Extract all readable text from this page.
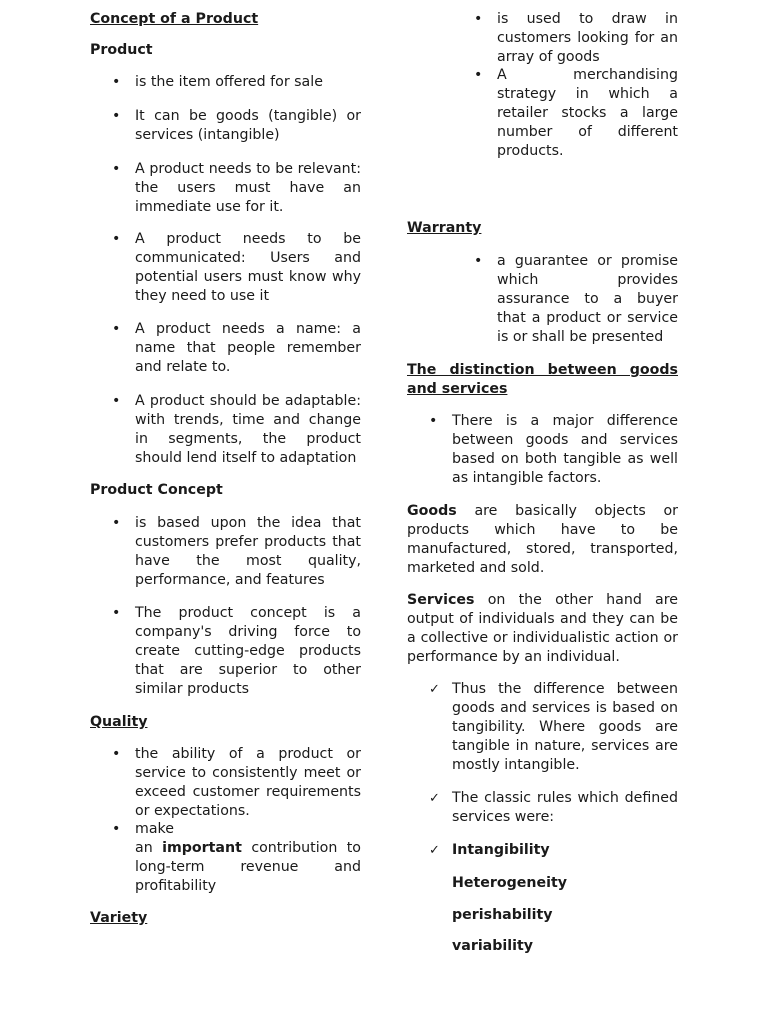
Concept of a Product
Product
• is the item offered for sale
• It can be goods (tangible) or services (intangible)
• A product needs to be relevant: the users must have an immediate use for it.
• A product needs to be communicated: Users and potential users must know why they need to use it
• A product needs a name: a name that people remember and relate to.
• A product should be adaptable: with trends, time and change in segments, the product should lend itself to adaptation
Product Concept
• is based upon the idea that customers prefer products that have the most quality, performance, and features
• The product concept is a company's driving force to create cutting-edge products that are superior to other similar products
Quality
• the ability of a product or service to consistently meet or exceed customer requirements or expectations.
• make
an important contribution to long-term revenue and profitability
Variety
• is used to draw in customers looking for an array of goods
• A merchandising strategy in which a retailer stocks a large number of different products.
Warranty
• a guarantee or promise which provides assurance to a buyer that a product or service is or shall be presented
The distinction between goods and services
• There is a major difference between goods and services based on both tangible as well as intangible factors.

Goods are basically objects or products which have to be manufactured, stored, transported, marketed and sold.

Services on the other hand are output of individuals and they can be a collective or individualistic action or performance by an individual.

✓ Thus the difference between goods and services is based on tangibility. Where goods are tangible in nature, services are mostly intangible.
✓ The classic rules which defined services were:
✓ Intangibility
Heterogeneity
perishability
variability
